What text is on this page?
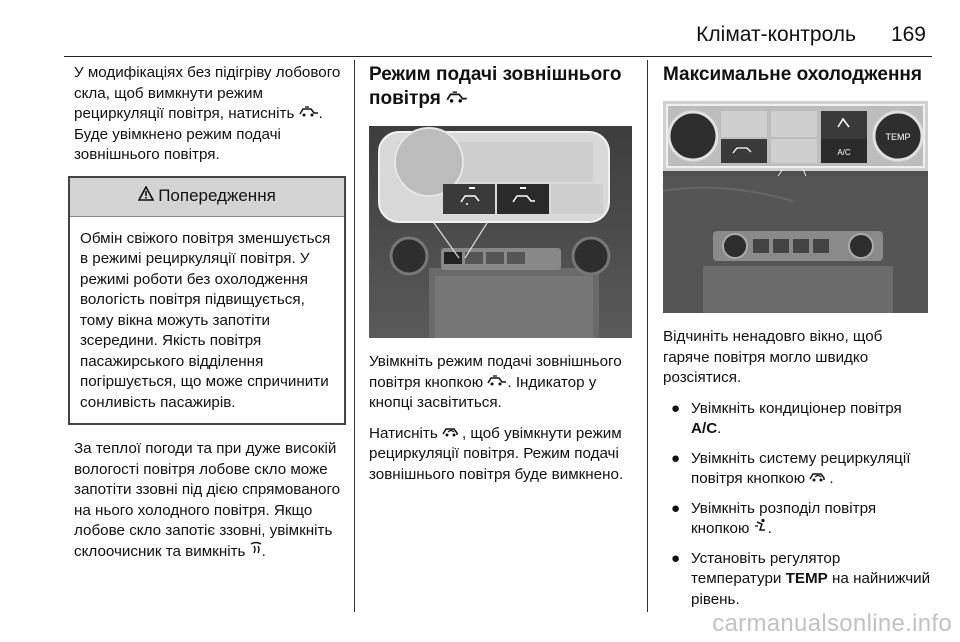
Клімат-контроль 169

У модифікаціях без підігріву лобового скла, щоб вимкнути режим рециркуляції повітря, натисніть . Буде увімкнено режим подачі зовнішнього повітря.

Попередження
Обмін свіжого повітря зменшується в режимі рециркуляції повітря. У режимі роботи без охолодження вологість повітря підвищується, тому вікна можуть запотіти зсередини. Якість повітря пасажирського відділення погіршується, що може спричинити сонливість пасажирів.

За теплої погоди та при дуже високій вологості повітря лобове скло може запотіти ззовні під дією спрямованого на нього холодного повітря. Якщо лобове скло запотіє ззовні, увімкніть склоочисник та вимкніть .

Режим подачі зовнішнього повітря

Увімкніть режим подачі зовнішнього повітря кнопкою . Індикатор у кнопці засвітиться.

Натисніть , щоб увімкнути режим рециркуляції повітря. Режим подачі зовнішнього повітря буде вимкнено.

Максимальне охолодження
TEMP
A/C

Відчиніть ненадовго вікно, щоб гаряче повітря могло швидко розсіятися.

● Увімкніть кондиціонер повітря A/C.
● Увімкніть систему рециркуляції повітря кнопкою .
● Увімкніть розподіл повітря кнопкою .
● Установіть регулятор температури TEMP на найнижчий рівень.
carmanualsonline.info
